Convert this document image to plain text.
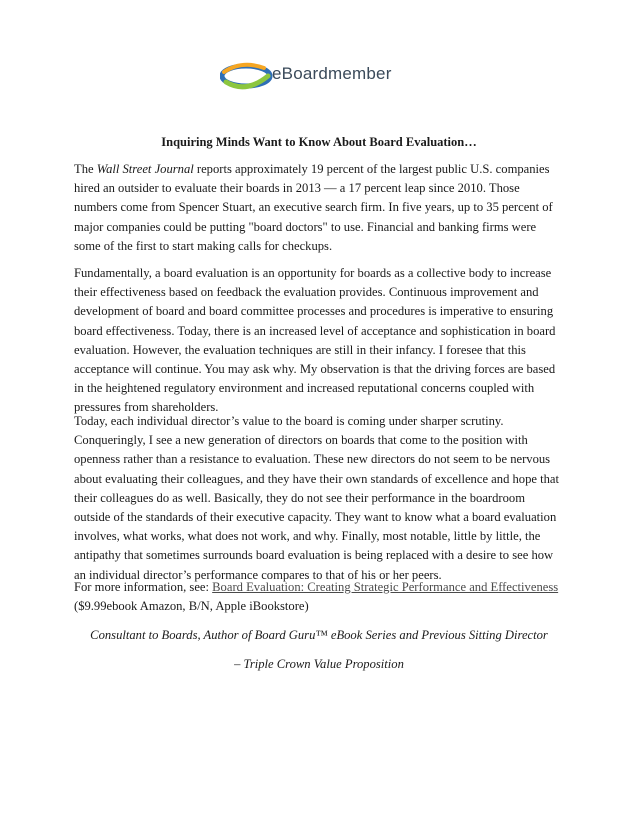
eBoardmember
Inquiring Minds Want to Know About Board Evaluation…
The Wall Street Journal reports approximately 19 percent of the largest public U.S. companies
hired an outsider to evaluate their boards in 2013 — a 17 percent leap since 2010. Those
numbers come from Spencer Stuart, an executive search firm. In five years, up to 35 percent of
major companies could be putting "board doctors" to use. Financial and banking firms were
some of the first to start making calls for checkups.
Fundamentally, a board evaluation is an opportunity for boards as a collective body to increase
their effectiveness based on feedback the evaluation provides. Continuous improvement and
development of board and board committee processes and procedures is imperative to ensuring
board effectiveness. Today, there is an increased level of acceptance and sophistication in board
evaluation. However, the evaluation techniques are still in their infancy. I foresee that this
acceptance will continue. You may ask why. My observation is that the driving forces are based
in the heightened regulatory environment and increased reputational concerns coupled with
pressures from shareholders.
Today, each individual director’s value to the board is coming under sharper scrutiny.
Conqueringly, I see a new generation of directors on boards that come to the position with
openness rather than a resistance to evaluation. These new directors do not seem to be nervous
about evaluating their colleagues, and they have their own standards of excellence and hope that
their colleagues do as well. Basically, they do not see their performance in the boardroom
outside of the standards of their executive capacity. They want to know what a board evaluation
involves, what works, what does not work, and why. Finally, most notable, little by little, the
antipathy that sometimes surrounds board evaluation is being replaced with a desire to see how
an individual director’s performance compares to that of his or her peers.
For more information, see: Board Evaluation: Creating Strategic Performance and Effectiveness
($9.99ebook Amazon, B/N, Apple iBookstore)
Consultant to Boards, Author of Board Guru™ eBook Series and Previous Sitting Director
– Triple Crown Value Proposition
